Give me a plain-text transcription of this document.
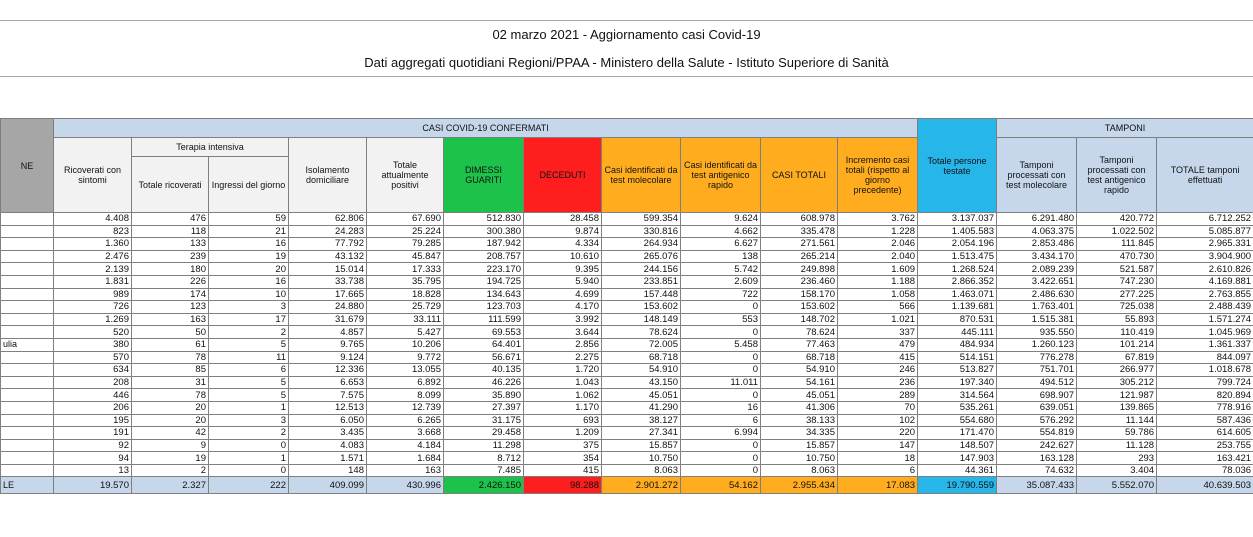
02 marzo 2021 - Aggiornamento casi Covid-19
Dati aggregati quotidiani Regioni/PPAA - Ministero della Salute - Istituto Superiore di Sanità
NE	CASI COVID-19 CONFERMATI											Totale persone testate	TAMPONI		
	Ricoverati con sintomi	Terapia intensiva		Isolamento domiciliare	Totale attualmente positivi	DIMESSI GUARITI	DECEDUTI	Casi identificati da test molecolare	Casi identificati da test antigenico rapido	CASI TOTALI	Incremento casi totali (rispetto al giorno precedente)		Tamponi processati con test molecolare	Tamponi processati con test antigenico rapido	TOTALE tamponi effettuati
		Totale ricoverati	Ingressi del giorno												
	4.408	476	59	62.806	67.690	512.830	28.458	599.354	9.624	608.978	3.762	3.137.037	6.291.480	420.772	6.712.252
	823	118	21	24.283	25.224	300.380	9.874	330.816	4.662	335.478	1.228	1.405.583	4.063.375	1.022.502	5.085.877
	1.360	133	16	77.792	79.285	187.942	4.334	264.934	6.627	271.561	2.046	2.054.196	2.853.486	111.845	2.965.331
	2.476	239	19	43.132	45.847	208.757	10.610	265.076	138	265.214	2.040	1.513.475	3.434.170	470.730	3.904.900
	2.139	180	20	15.014	17.333	223.170	9.395	244.156	5.742	249.898	1.609	1.268.524	2.089.239	521.587	2.610.826
	1.831	226	16	33.738	35.795	194.725	5.940	233.851	2.609	236.460	1.188	2.866.352	3.422.651	747.230	4.169.881
	989	174	10	17.665	18.828	134.643	4.699	157.448	722	158.170	1.058	1.463.071	2.486.630	277.225	2.763.855
	726	123	3	24.880	25.729	123.703	4.170	153.602	0	153.602	566	1.139.681	1.763.401	725.038	2.488.439
	1.269	163	17	31.679	33.111	111.599	3.992	148.149	553	148.702	1.021	870.531	1.515.381	55.893	1.571.274
	520	50	2	4.857	5.427	69.553	3.644	78.624	0	78.624	337	445.111	935.550	110.419	1.045.969
ulia	380	61	5	9.765	10.206	64.401	2.856	72.005	5.458	77.463	479	484.934	1.260.123	101.214	1.361.337
	570	78	11	9.124	9.772	56.671	2.275	68.718	0	68.718	415	514.151	776.278	67.819	844.097
	634	85	6	12.336	13.055	40.135	1.720	54.910	0	54.910	246	513.827	751.701	266.977	1.018.678
	208	31	5	6.653	6.892	46.226	1.043	43.150	11.011	54.161	236	197.340	494.512	305.212	799.724
	446	78	5	7.575	8.099	35.890	1.062	45.051	0	45.051	289	314.564	698.907	121.987	820.894
	206	20	1	12.513	12.739	27.397	1.170	41.290	16	41.306	70	535.261	639.051	139.865	778.916
	195	20	3	6.050	6.265	31.175	693	38.127	6	38.133	102	554.680	576.292	11.144	587.436
	191	42	2	3.435	3.668	29.458	1.209	27.341	6.994	34.335	220	171.470	554.819	59.786	614.605
	92	9	0	4.083	4.184	11.298	375	15.857	0	15.857	147	148.507	242.627	11.128	253.755
	94	19	1	1.571	1.684	8.712	354	10.750	0	10.750	18	147.903	163.128	293	163.421
	13	2	0	148	163	7.485	415	8.063	0	8.063	6	44.361	74.632	3.404	78.036
LE	19.570	2.327	222	409.099	430.996	2.426.150	98.288	2.901.272	54.162	2.955.434	17.083	19.790.559	35.087.433	5.552.070	40.639.503
